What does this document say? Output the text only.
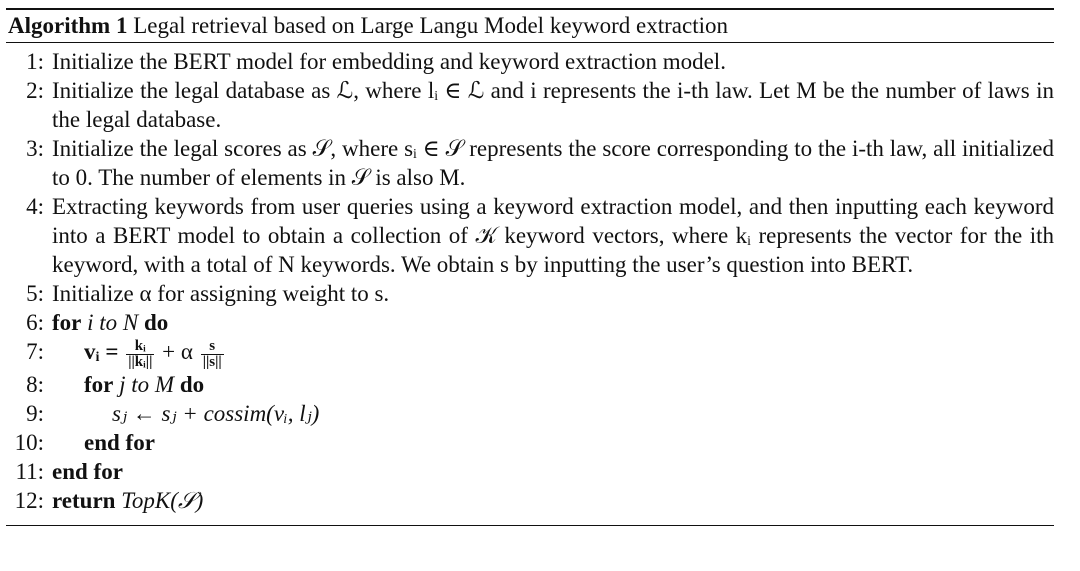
Algorithm 1 Legal retrieval based on Large Langu Model keyword extraction
1: Initialize the BERT model for embedding and keyword extraction model.
2: Initialize the legal database as ℒ, where lᵢ ∈ ℒ and i represents the i-th law. Let M be the number of laws in the legal database.
3: Initialize the legal scores as 𝒮, where sᵢ ∈ 𝒮 represents the score corresponding to the i-th law, all initialized to 0. The number of elements in 𝒮 is also M.
4: Extracting keywords from user queries using a keyword extraction model, and then inputting each keyword into a BERT model to obtain a collection of 𝒦 keyword vectors, where kᵢ represents the vector for the ith keyword, with a total of N keywords. We obtain s by inputting the user’s question into BERT.
5: Initialize α for assigning weight to s.
6: for i to N do
7: vᵢ = $\frac{\text{kᵢ}}{\text{||kᵢ||}} + \alpha \frac{s}{||s||}$
8: for j to M do
9:	sⱼ ← sⱼ + cossim(vᵢ, lⱼ)
10: end for
11: end for
12: return TopK(𝒮)
